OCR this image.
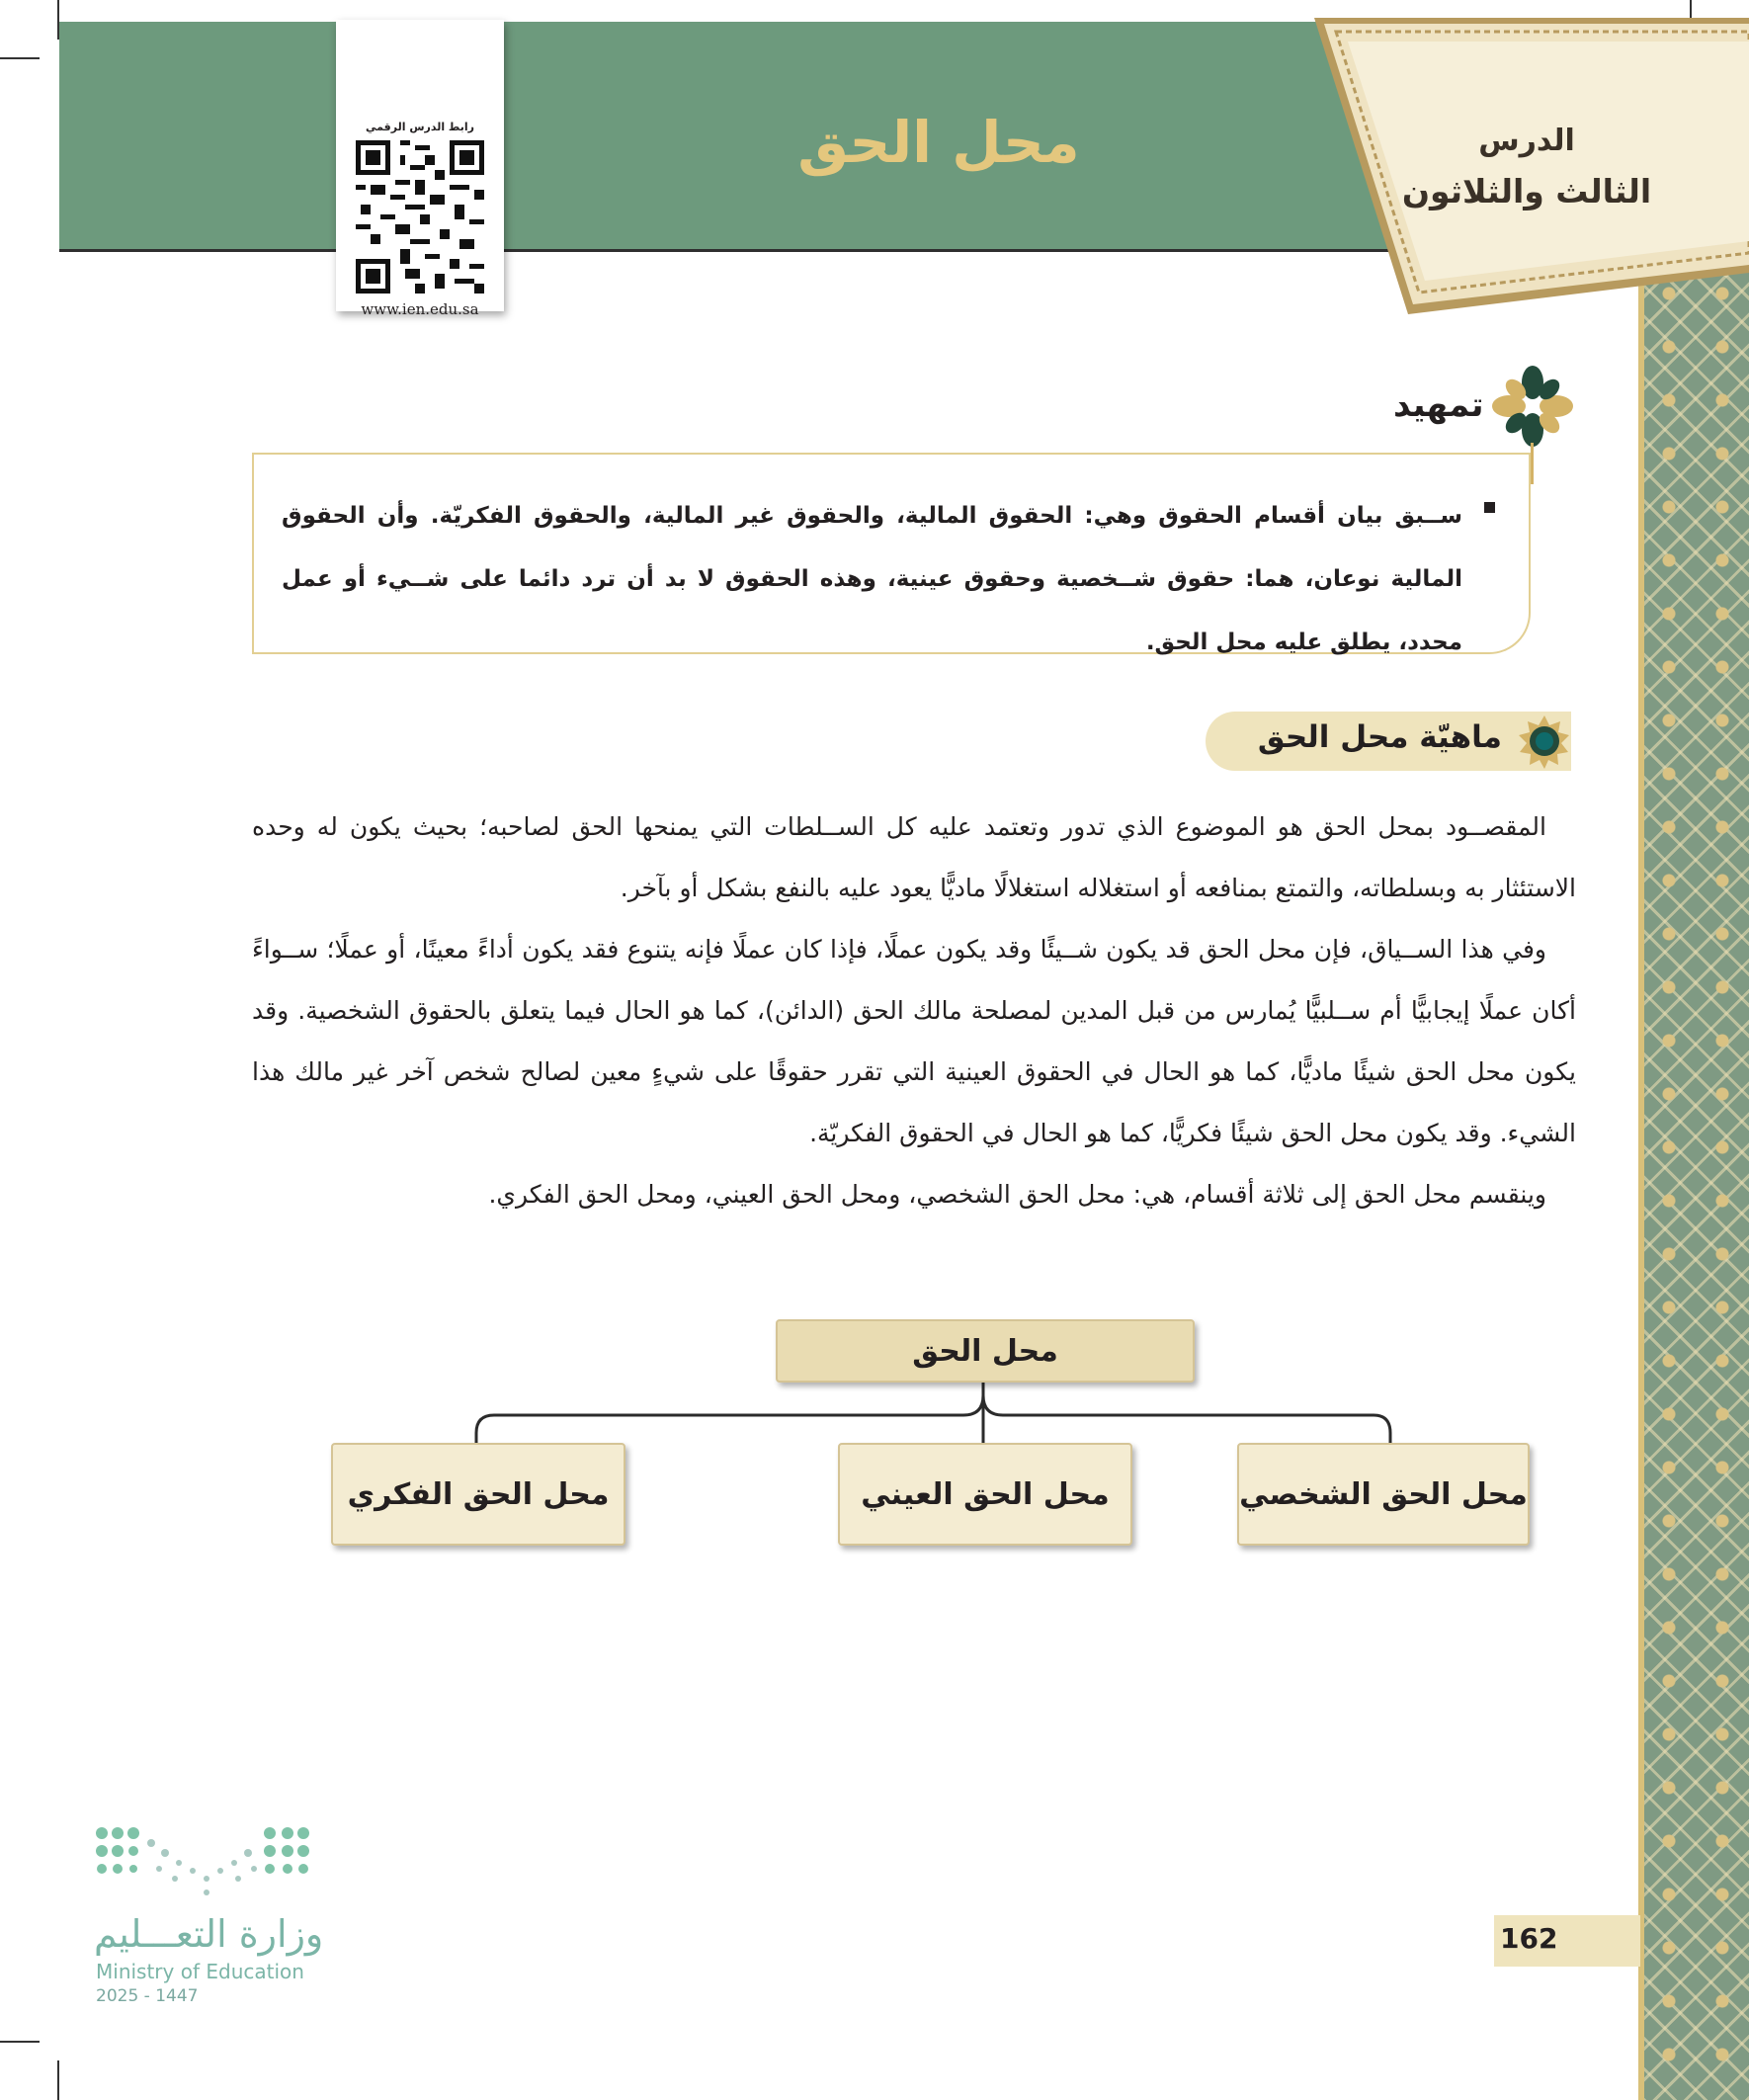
محل الحق	الدرس
الثالث والثلاثون
رابط الدرس الرقمي
www.ien.edu.sa
تمهيد
ســبق بيان أقسام الحقوق وهي: الحقوق المالية، والحقوق غير المالية، والحقوق الفكريّة. وأن الحقوق المالية نوعان، هما: حقوق شــخصية وحقوق عينية، وهذه الحقوق لا بد أن ترد دائما على شــيء أو عمل محدد، يطلق عليه محل الحق.
ماهيّة محل الحق

المقصــود بمحل الحق هو الموضوع الذي تدور وتعتمد عليه كل الســلطات التي يمنحها الحق لصاحبه؛ بحيث يكون له وحده الاستئثار به وبسلطاته، والتمتع بمنافعه أو استغلاله استغلالًا ماديًّا يعود عليه بالنفع بشكل أو بآخر.

وفي هذا الســياق، فإن محل الحق قد يكون شــيئًا وقد يكون عملًا، فإذا كان عملًا فإنه يتنوع فقد يكون أداءً معينًا، أو عملًا؛ ســواءً أكان عملًا إيجابيًّا أم ســلبيًّا يُمارس من قبل المدين لمصلحة مالك الحق (الدائن)، كما هو الحال فيما يتعلق بالحقوق الشخصية. وقد يكون محل الحق شيئًا ماديًّا، كما هو الحال في الحقوق العينية التي تقرر حقوقًا على شيءٍ معين لصالح شخص آخر غير مالك هذا الشيء. وقد يكون محل الحق شيئًا فكريًّا، كما هو الحال في الحقوق الفكريّة.

وينقسم محل الحق إلى ثلاثة أقسام، هي: محل الحق الشخصي، ومحل الحق العيني، ومحل الحق الفكري.

محل الحق
محل الحق الشخصي
محل الحق العيني
محل الحق الفكري
وزارة التعـــليم
Ministry of Education
2025 - 1447
162
